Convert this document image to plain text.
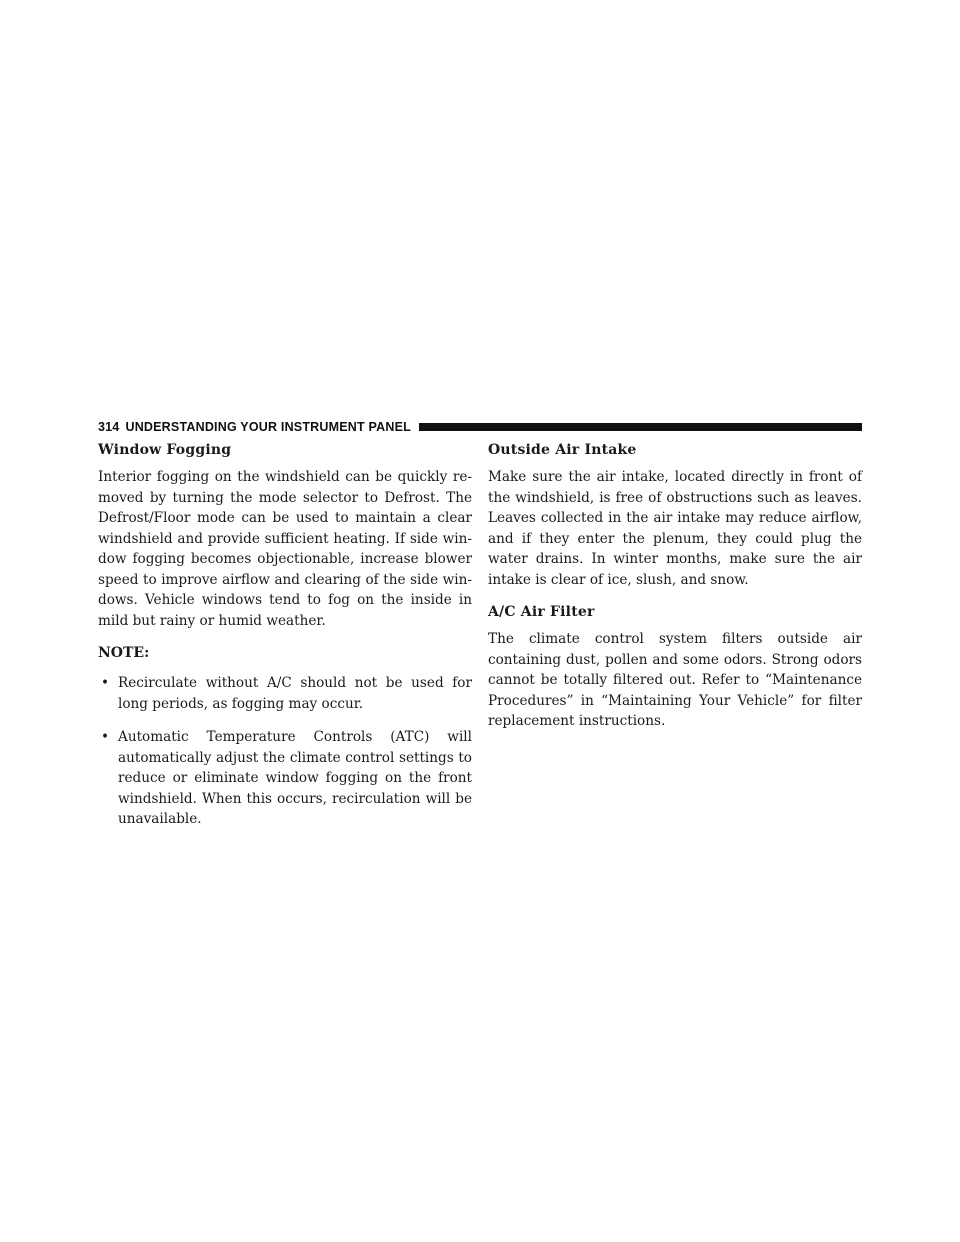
314 UNDERSTANDING YOUR INSTRUMENT PANEL
Window Fogging

Interior fogging on the windshield can be quickly removed by turning the mode selector to Defrost. The Defrost/Floor mode can be used to maintain a clear windshield and provide sufficient heating. If side window fogging becomes objectionable, increase blower speed to improve airflow and clearing of the side windows. Vehicle windows tend to fog on the inside in mild but rainy or humid weather.

NOTE:
• Recirculate without A/C should not be used for long periods, as fogging may occur.
• Automatic Temperature Controls (ATC) will automatically adjust the climate control settings to reduce or eliminate window fogging on the front windshield. When this occurs, recirculation will be unavailable.
Outside Air Intake

Make sure the air intake, located directly in front of the windshield, is free of obstructions such as leaves. Leaves collected in the air intake may reduce airflow, and if they enter the plenum, they could plug the water drains. In winter months, make sure the air intake is clear of ice, slush, and snow.

A/C Air Filter

The climate control system filters outside air containing dust, pollen and some odors. Strong odors cannot be totally filtered out. Refer to “Maintenance Procedures” in “Maintaining Your Vehicle” for filter replacement instructions.
